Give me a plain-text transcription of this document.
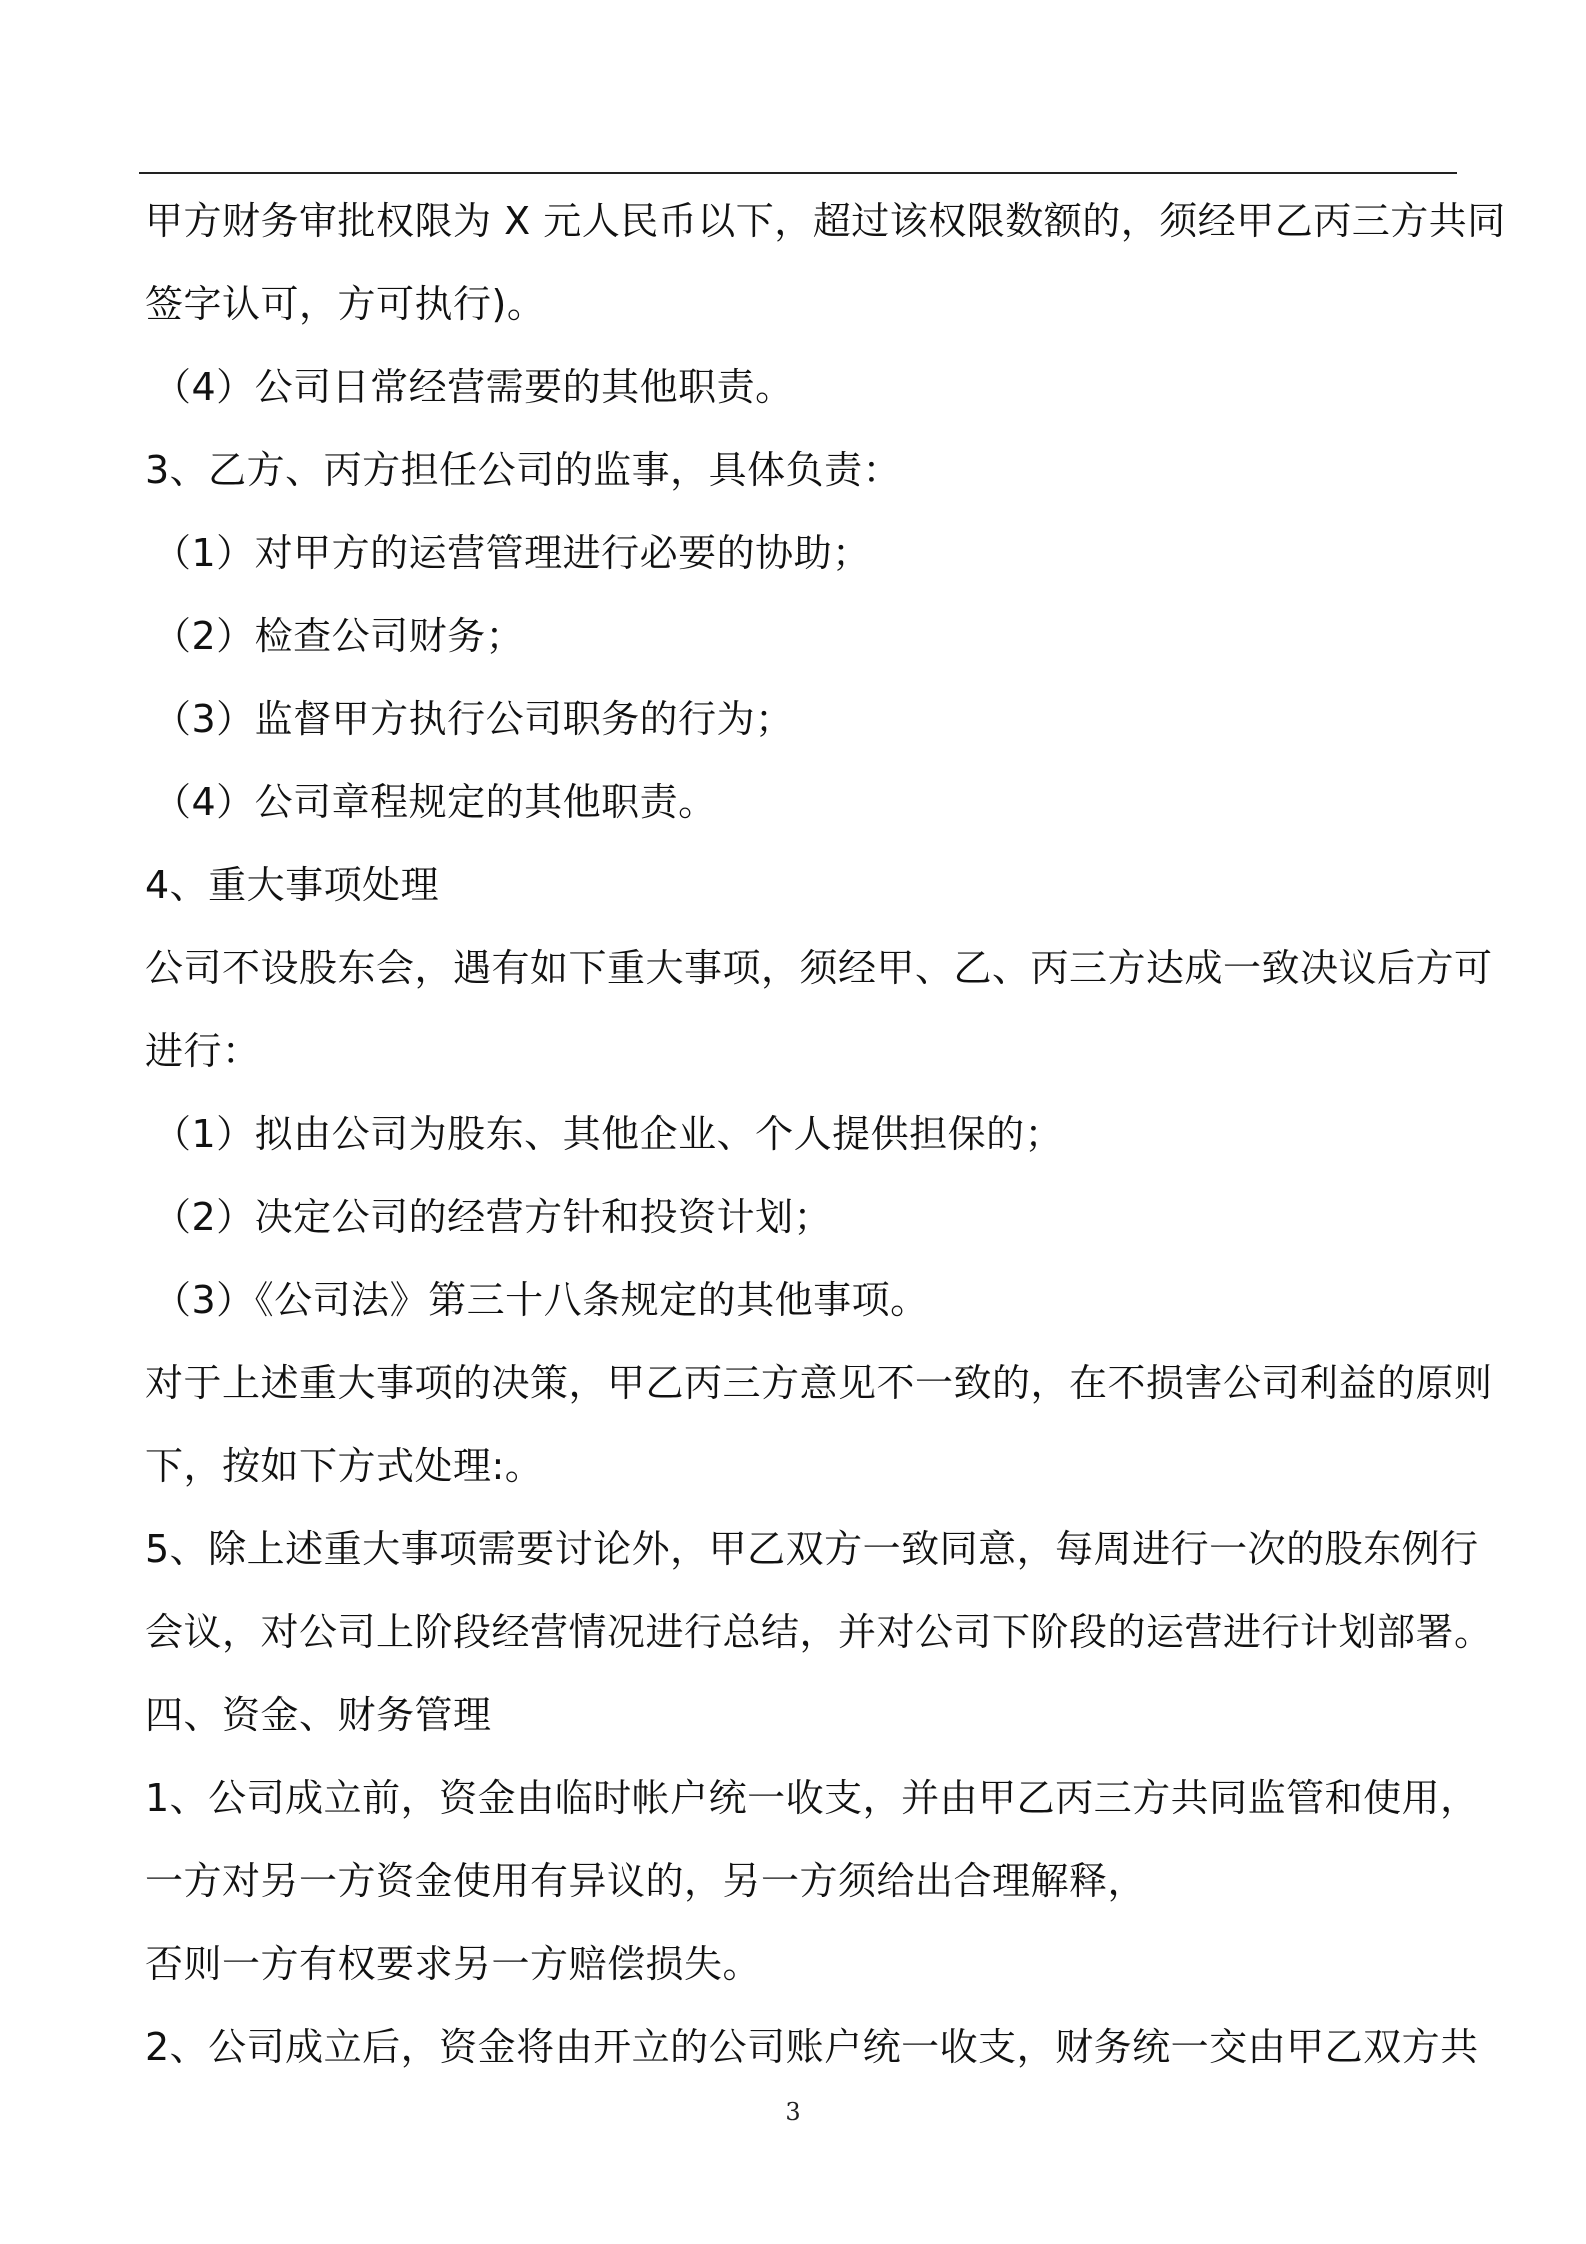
甲方财务审批权限为 X 元人民币以下，超过该权限数额的，须经甲乙丙三方共同
签字认可，方可执行)。
（4）公司日常经营需要的其他职责。
3、乙方、丙方担任公司的监事，具体负责：
（1）对甲方的运营管理进行必要的协助；
（2）检查公司财务；
（3）监督甲方执行公司职务的行为；
（4）公司章程规定的其他职责。
4、重大事项处理
公司不设股东会，遇有如下重大事项，须经甲、乙、丙三方达成一致决议后方可
进行：
（1）拟由公司为股东、其他企业、个人提供担保的；
（2）决定公司的经营方针和投资计划；
（3）《公司法》第三十八条规定的其他事项。
对于上述重大事项的决策，甲乙丙三方意见不一致的，在不损害公司利益的原则
下，按如下方式处理:。
5、除上述重大事项需要讨论外，甲乙双方一致同意，每周进行一次的股东例行
会议，对公司上阶段经营情况进行总结，并对公司下阶段的运营进行计划部署。
四、资金、财务管理
1、公司成立前，资金由临时帐户统一收支，并由甲乙丙三方共同监管和使用，
一方对另一方资金使用有异议的，另一方须给出合理解释，
否则一方有权要求另一方赔偿损失。
2、公司成立后，资金将由开立的公司账户统一收支，财务统一交由甲乙双方共
3
